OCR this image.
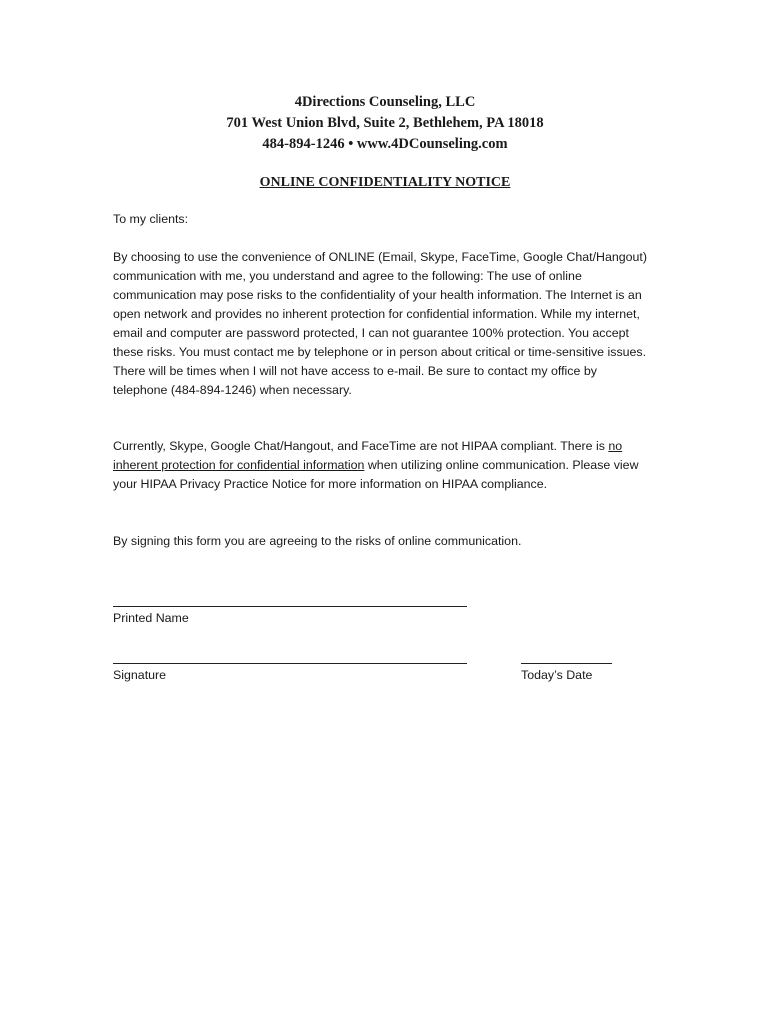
4Directions Counseling, LLC
701 West Union Blvd, Suite 2, Bethlehem, PA 18018
484-894-1246 • www.4DCounseling.com
ONLINE CONFIDENTIALITY NOTICE
To my clients:
By choosing to use the convenience of ONLINE (Email, Skype, FaceTime, Google Chat/Hangout) communication with me, you understand and agree to the following: The use of online communication may pose risks to the confidentiality of your health information. The Internet is an open network and provides no inherent protection for confidential information. While my internet, email and computer are password protected, I can not guarantee 100% protection. You accept these risks. You must contact me by telephone or in person about critical or time-sensitive issues. There will be times when I will not have access to e-mail. Be sure to contact my office by telephone (484-894-1246) when necessary.
Currently, Skype, Google Chat/Hangout, and FaceTime are not HIPAA compliant. There is no inherent protection for confidential information when utilizing online communication. Please view your HIPAA Privacy Practice Notice for more information on HIPAA compliance.
By signing this form you are agreeing to the risks of online communication.
Printed Name
Signature	Today’s Date
